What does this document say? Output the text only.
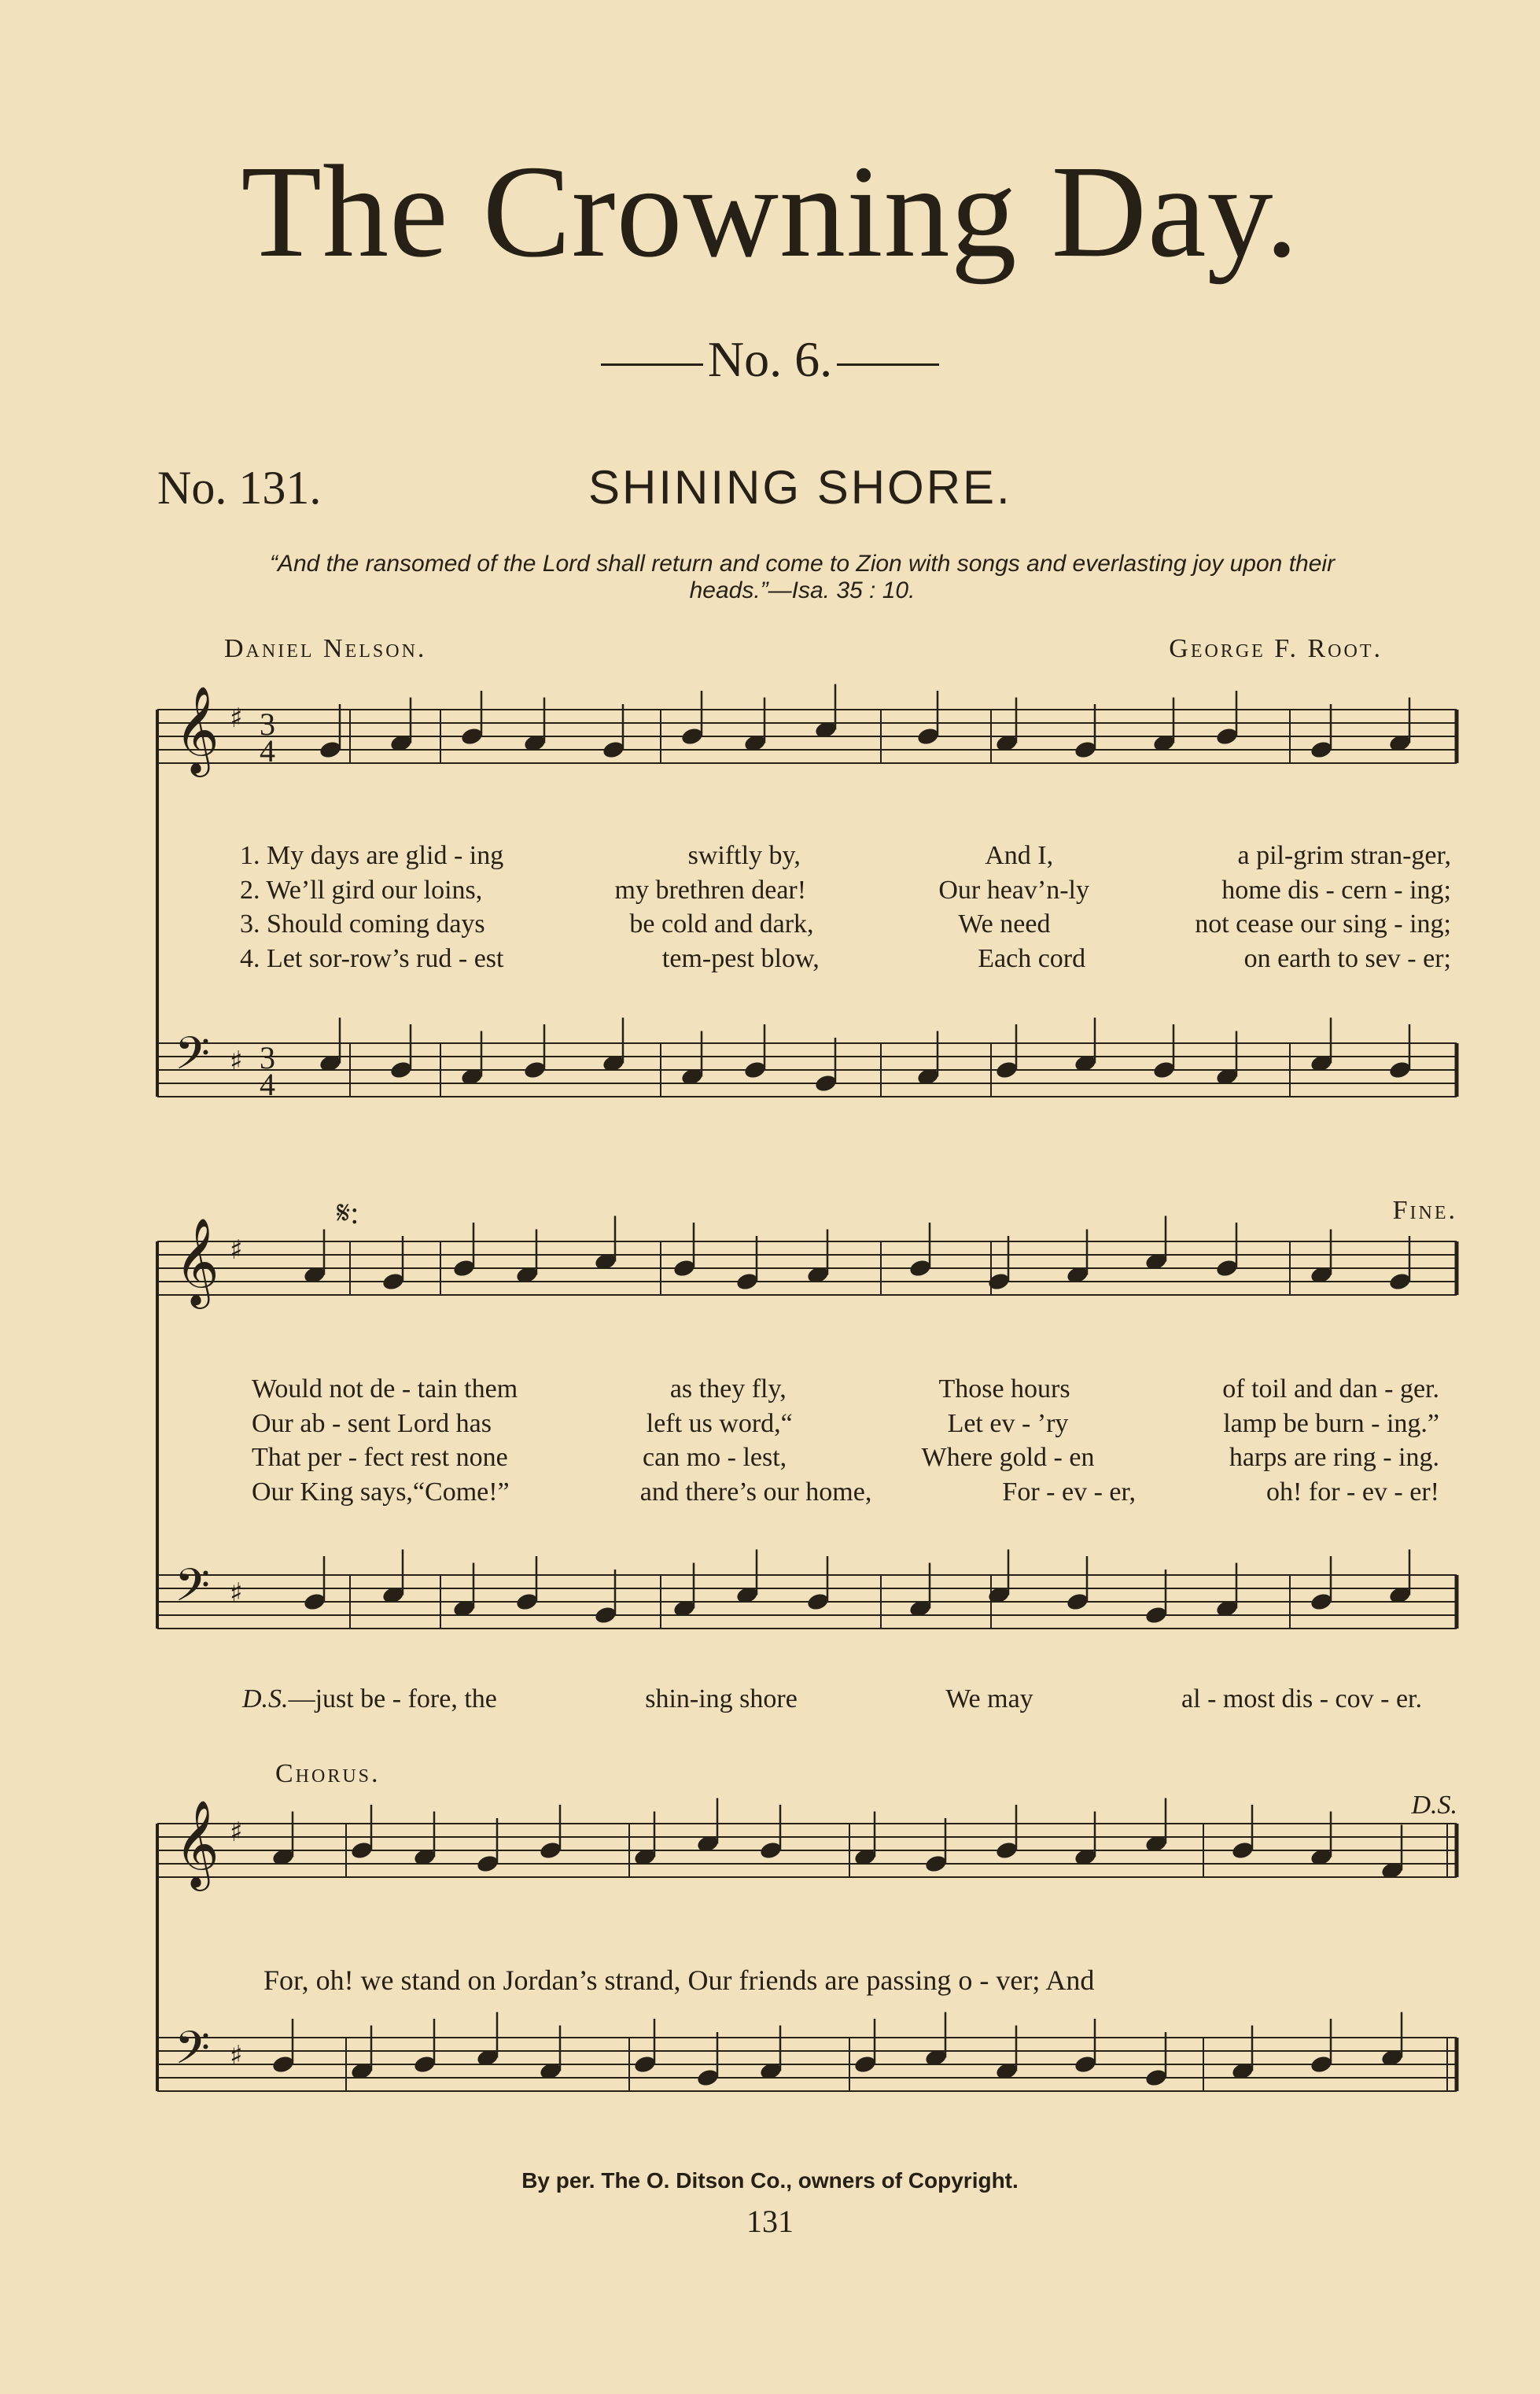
The Crowning Day.
No. 6.
No. 131.	SHINING SHORE.
“And the ransomed of the Lord shall return and come to Zion with songs and everlasting joy upon their heads.”—Isa. 35 : 10.
Daniel Nelson.	George F. Root.
𝄞 ♯
𝄢 ♯
3
4
3
4
𝄞 ♯
𝄢 ♯
𝄞 ♯
𝄢 ♯
1. My days are glid - ing	swiftly by,	And I,	a pil-grim stran-ger,
2. We’ll gird our loins,	my brethren dear!	Our heav’n-ly	home dis - cern - ing;
3. Should coming days	be cold and dark,	We need	not cease our sing - ing;
4. Let sor-row’s rud - est	tem-pest blow,	Each cord	on earth to sev - er;
𝄋:	Fine.
Would not de - tain them	as they fly,	Those hours	of toil and dan - ger.
Our ab - sent Lord has	left us word,“	Let ev - ’ry	lamp be burn - ing.”
That per - fect rest none	can mo - lest,	Where gold - en	harps are ring - ing.
Our King says,“Come!”	and there’s our home,	For - ev - er,	oh! for - ev - er!
D.S.—just be - fore, the	shin-ing shore	We may	al - most dis - cov - er.
Chorus.
D.S.
For, oh! we stand on Jordan’s strand, Our friends are passing o - ver; And
By per. The O. Ditson Co., owners of Copyright.
131
